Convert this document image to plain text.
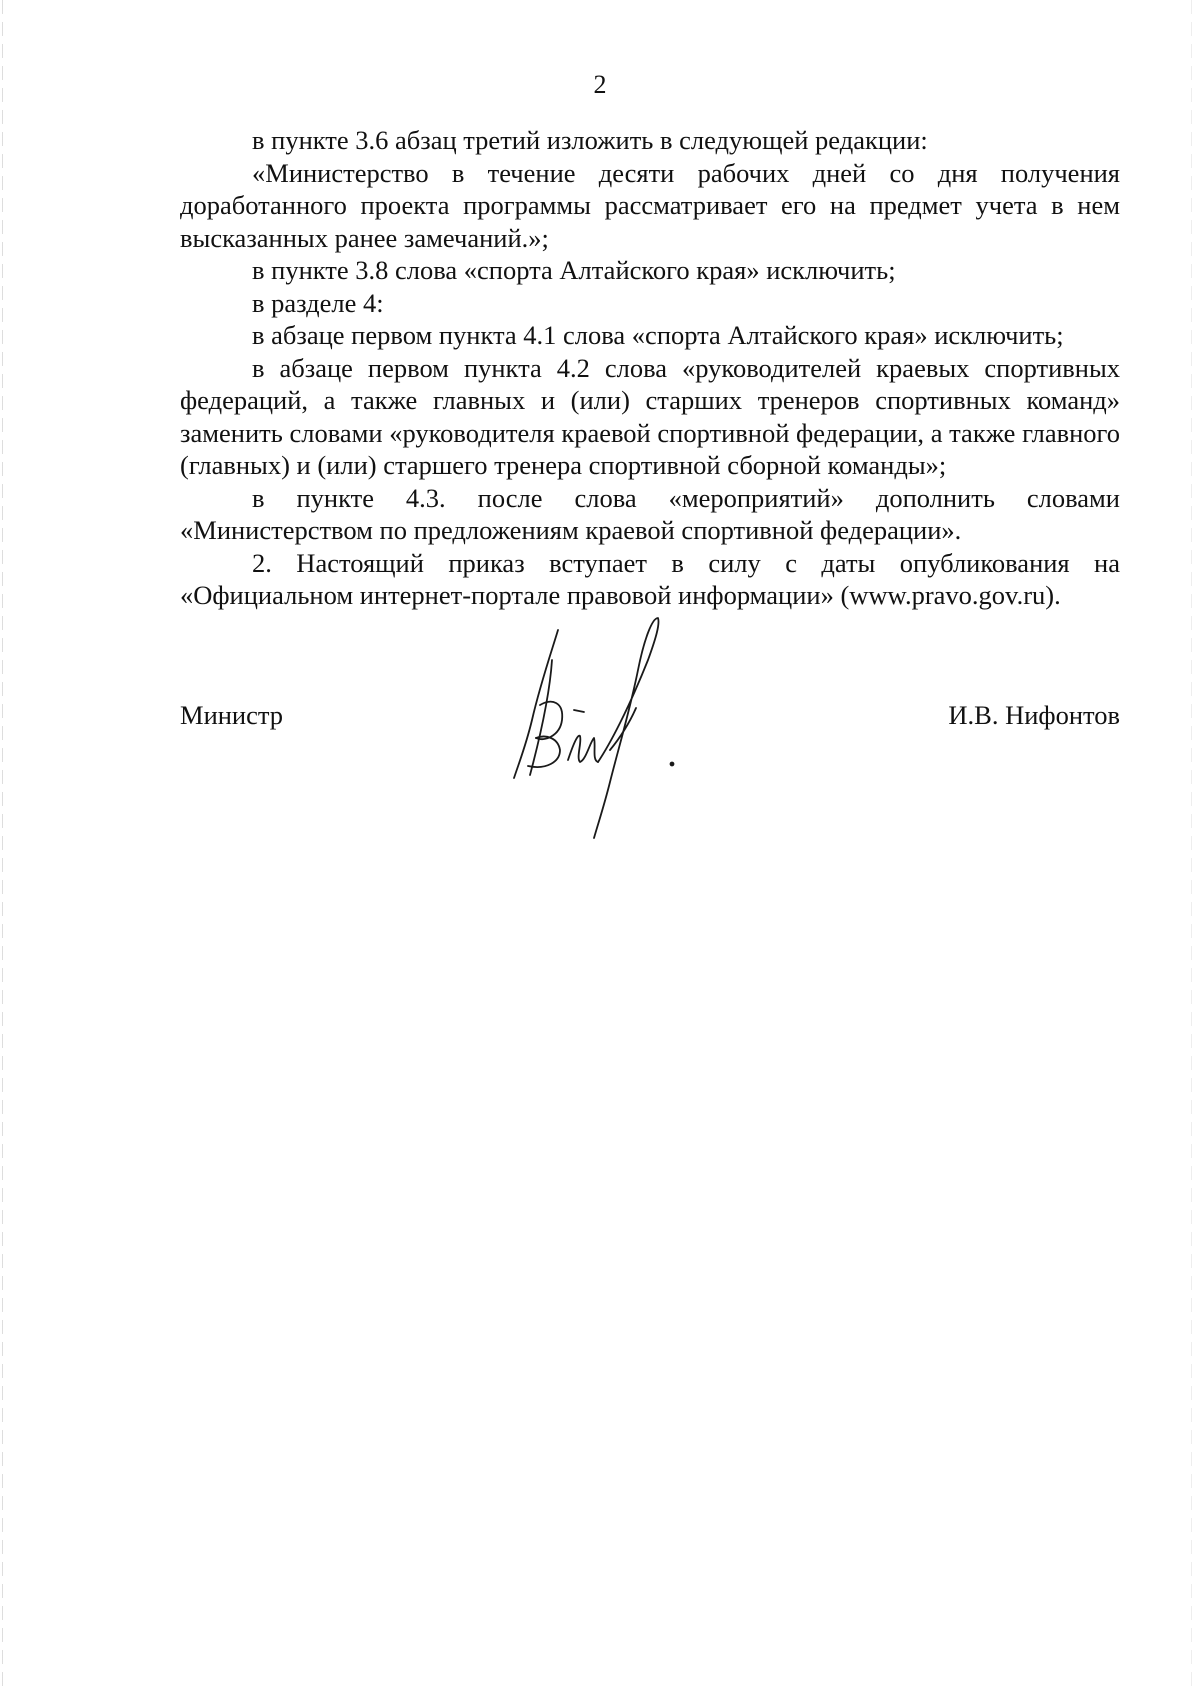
2

в пункте 3.6 абзац третий изложить в следующей редакции:

«Министерство в течение десяти рабочих дней со дня получения доработанного проекта программы рассматривает его на предмет учета в нем высказанных ранее замечаний.»;

в пункте 3.8 слова «спорта Алтайского края» исключить;

в разделе 4:

в абзаце первом пункта 4.1 слова «спорта Алтайского края» исключить;

в абзаце первом пункта 4.2 слова «руководителей краевых спортивных федераций, а также главных и (или) старших тренеров спортивных команд» заменить словами «руководителя краевой спортивной федерации, а также главного (главных) и (или) старшего тренера спортивной сборной команды»;

в пункте 4.3. после слова «мероприятий» дополнить словами «Министерством по предложениям краевой спортивной федерации».

2. Настоящий приказ вступает в силу с даты опубликования на «Официальном интернет-портале правовой информации» (www.pravo.gov.ru).

Министр	И.В. Нифонтов
